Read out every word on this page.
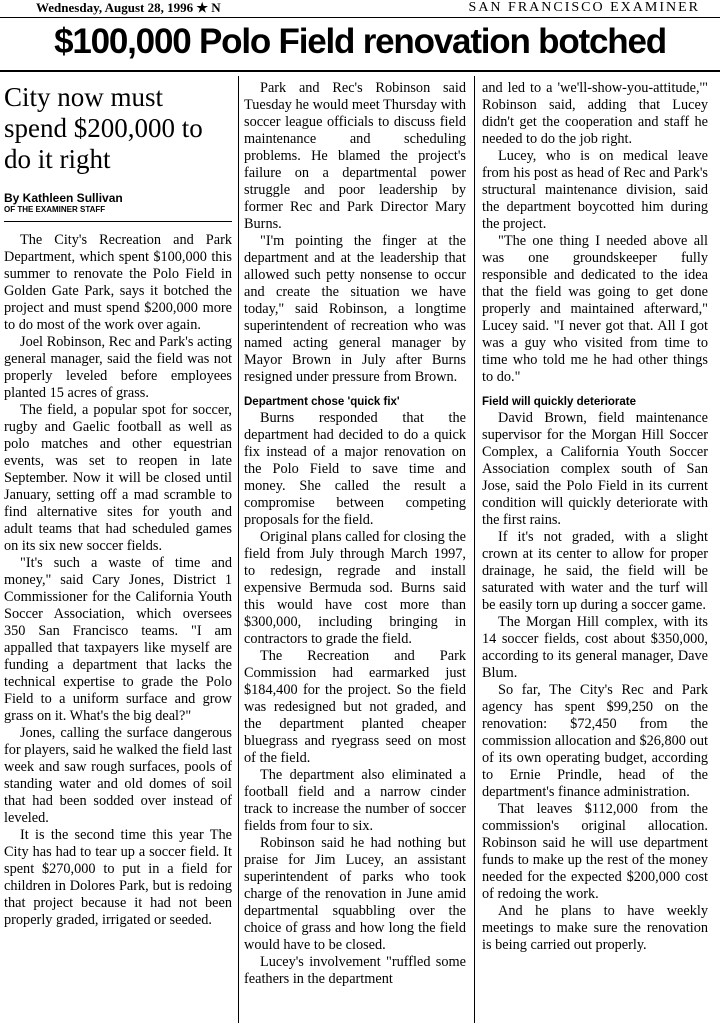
Wednesday, August 28, 1996 ★ N	SAN FRANCISCO EXAMINER
$100,000 Polo Field renovation botched
City now must spend $200,000 to do it right
By Kathleen Sullivan
OF THE EXAMINER STAFF

The City's Recreation and Park Department, which spent $100,000 this summer to renovate the Polo Field in Golden Gate Park, says it botched the project and must spend $200,000 more to do most of the work over again.

Joel Robinson, Rec and Park's acting general manager, said the field was not properly leveled before employees planted 15 acres of grass.

The field, a popular spot for soccer, rugby and Gaelic football as well as polo matches and other equestrian events, was set to reopen in late September. Now it will be closed until January, setting off a mad scramble to find alternative sites for youth and adult teams that had scheduled games on its six new soccer fields.

"It's such a waste of time and money," said Cary Jones, District 1 Commissioner for the California Youth Soccer Association, which oversees 350 San Francisco teams. "I am appalled that taxpayers like myself are funding a department that lacks the technical expertise to grade the Polo Field to a uniform surface and grow grass on it. What's the big deal?"

Jones, calling the surface dangerous for players, said he walked the field last week and saw rough surfaces, pools of standing water and old domes of soil that had been sodded over instead of leveled.

It is the second time this year The City has had to tear up a soccer field. It spent $270,000 to put in a field for children in Dolores Park, but is redoing that project because it had not been properly graded, irrigated or seeded.

Park and Rec's Robinson said Tuesday he would meet Thursday with soccer league officials to discuss field maintenance and scheduling problems. He blamed the project's failure on a departmental power struggle and poor leadership by former Rec and Park Director Mary Burns.

"I'm pointing the finger at the department and at the leadership that allowed such petty nonsense to occur and create the situation we have today," said Robinson, a longtime superintendent of recreation who was named acting general manager by Mayor Brown in July after Burns resigned under pressure from Brown.

Department chose 'quick fix'

Burns responded that the department had decided to do a quick fix instead of a major renovation on the Polo Field to save time and money. She called the result a compromise between competing proposals for the field.

Original plans called for closing the field from July through March 1997, to redesign, regrade and install expensive Bermuda sod. Burns said this would have cost more than $300,000, including bringing in contractors to grade the field.

The Recreation and Park Commission had earmarked just $184,400 for the project. So the field was redesigned but not graded, and the department planted cheaper bluegrass and ryegrass seed on most of the field.

The department also eliminated a football field and a narrow cinder track to increase the number of soccer fields from four to six.

Robinson said he had nothing but praise for Jim Lucey, an assistant superintendent of parks who took charge of the renovation in June amid departmental squabbling over the choice of grass and how long the field would have to be closed.

Lucey's involvement "ruffled some feathers in the department

and led to a 'we'll-show-you-attitude,'" Robinson said, adding that Lucey didn't get the cooperation and staff he needed to do the job right.

Lucey, who is on medical leave from his post as head of Rec and Park's structural maintenance division, said the department boycotted him during the project.

"The one thing I needed above all was one groundskeeper fully responsible and dedicated to the idea that the field was going to get done properly and maintained afterward," Lucey said. "I never got that. All I got was a guy who visited from time to time who told me he had other things to do."

Field will quickly deteriorate

David Brown, field maintenance supervisor for the Morgan Hill Soccer Complex, a California Youth Soccer Association complex south of San Jose, said the Polo Field in its current condition will quickly deteriorate with the first rains.

If it's not graded, with a slight crown at its center to allow for proper drainage, he said, the field will be saturated with water and the turf will be easily torn up during a soccer game.

The Morgan Hill complex, with its 14 soccer fields, cost about $350,000, according to its general manager, Dave Blum.

So far, The City's Rec and Park agency has spent $99,250 on the renovation: $72,450 from the commission allocation and $26,800 out of its own operating budget, according to Ernie Prindle, head of the department's finance administration.

That leaves $112,000 from the commission's original allocation. Robinson said he will use department funds to make up the rest of the money needed for the expected $200,000 cost of redoing the work.

And he plans to have weekly meetings to make sure the renovation is being carried out properly.
